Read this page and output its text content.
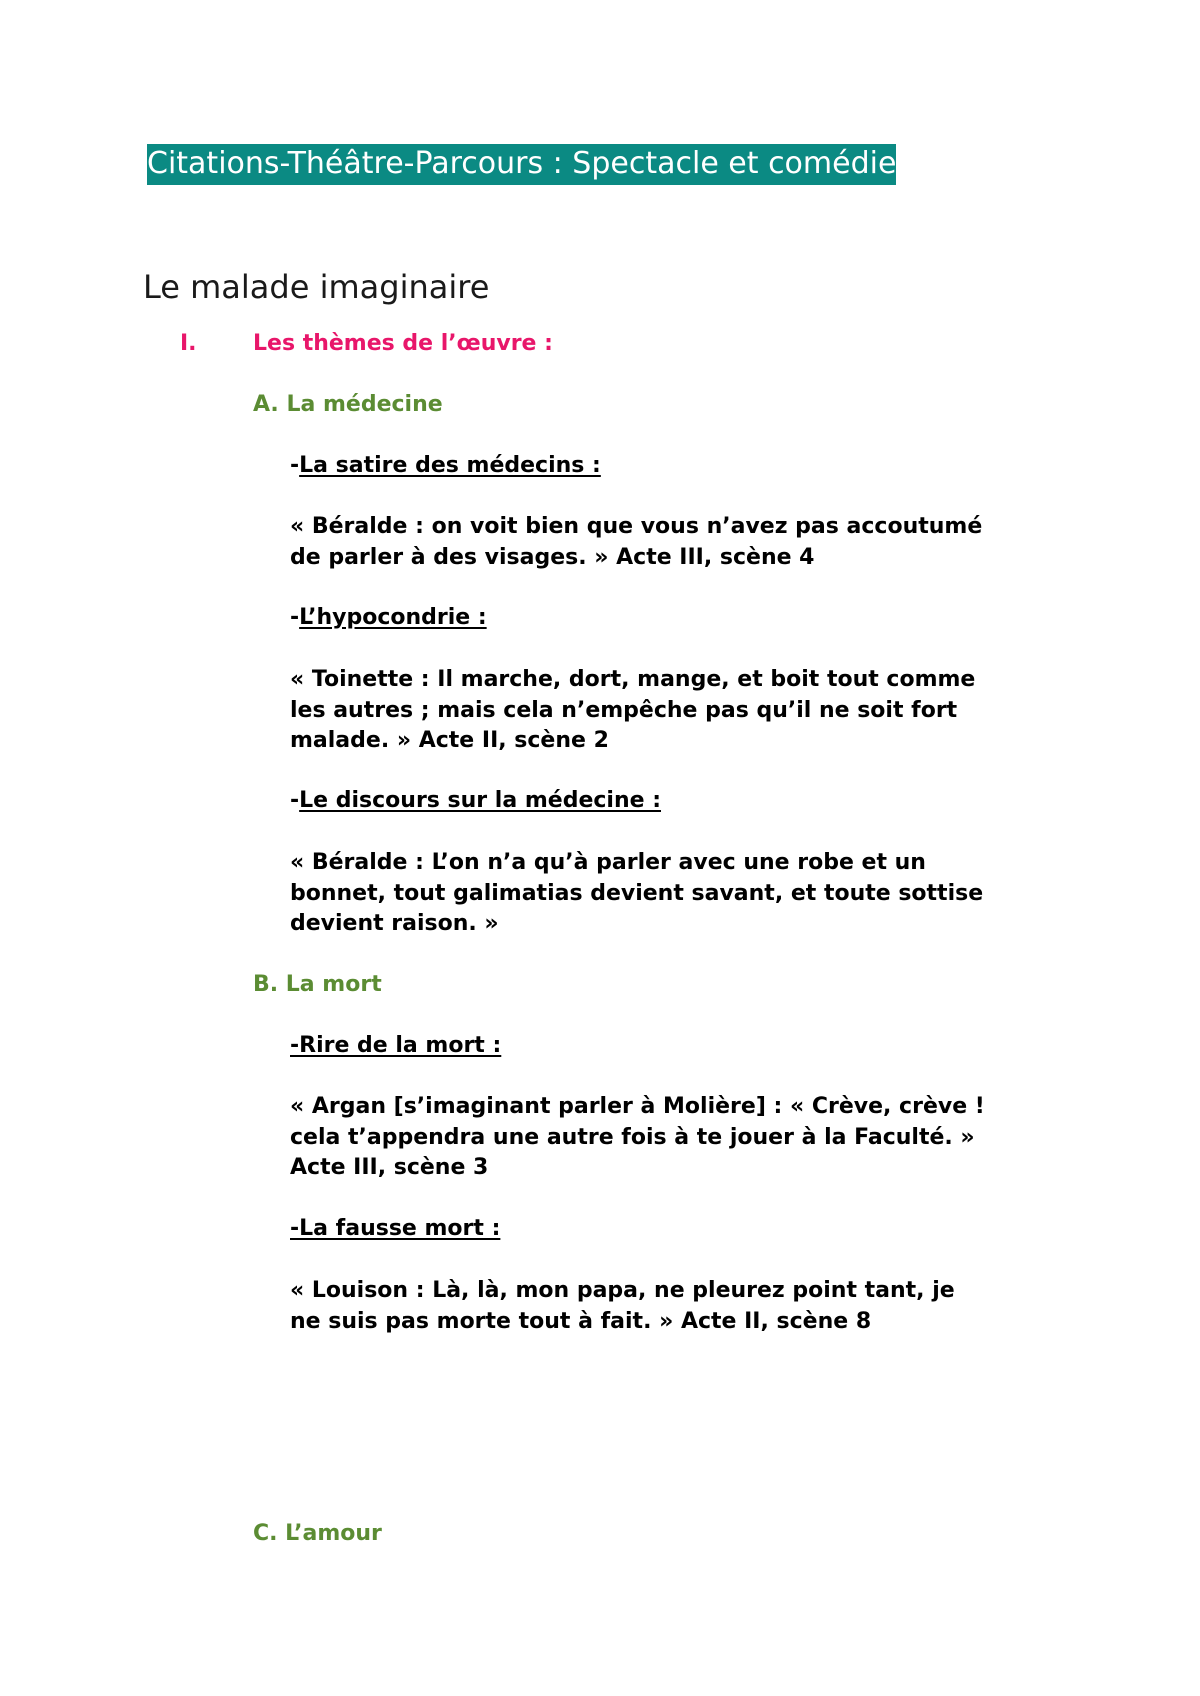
Citations-Théâtre-Parcours : Spectacle et comédie
Le malade imaginaire
I.	Les thèmes de l’œuvre :
A. La médecine
-La satire des médecins :
« Béralde : on voit bien que vous n’avez pas accoutumé
de parler à des visages. » Acte III, scène 4
-L’hypocondrie :
« Toinette : Il marche, dort, mange, et boit tout comme
les autres ; mais cela n’empêche pas qu’il ne soit fort
malade. » Acte II, scène 2
-Le discours sur la médecine :
« Béralde : L’on n’a qu’à parler avec une robe et un
bonnet, tout galimatias devient savant, et toute sottise
devient raison. »
B. La mort
-Rire de la mort :
« Argan [s’imaginant parler à Molière] : « Crève, crève !
cela t’appendra une autre fois à te jouer à la Faculté. »
Acte III, scène 3
-La fausse mort :
« Louison : Là, là, mon papa, ne pleurez point tant, je
ne suis pas morte tout à fait. » Acte II, scène 8
C. L’amour
